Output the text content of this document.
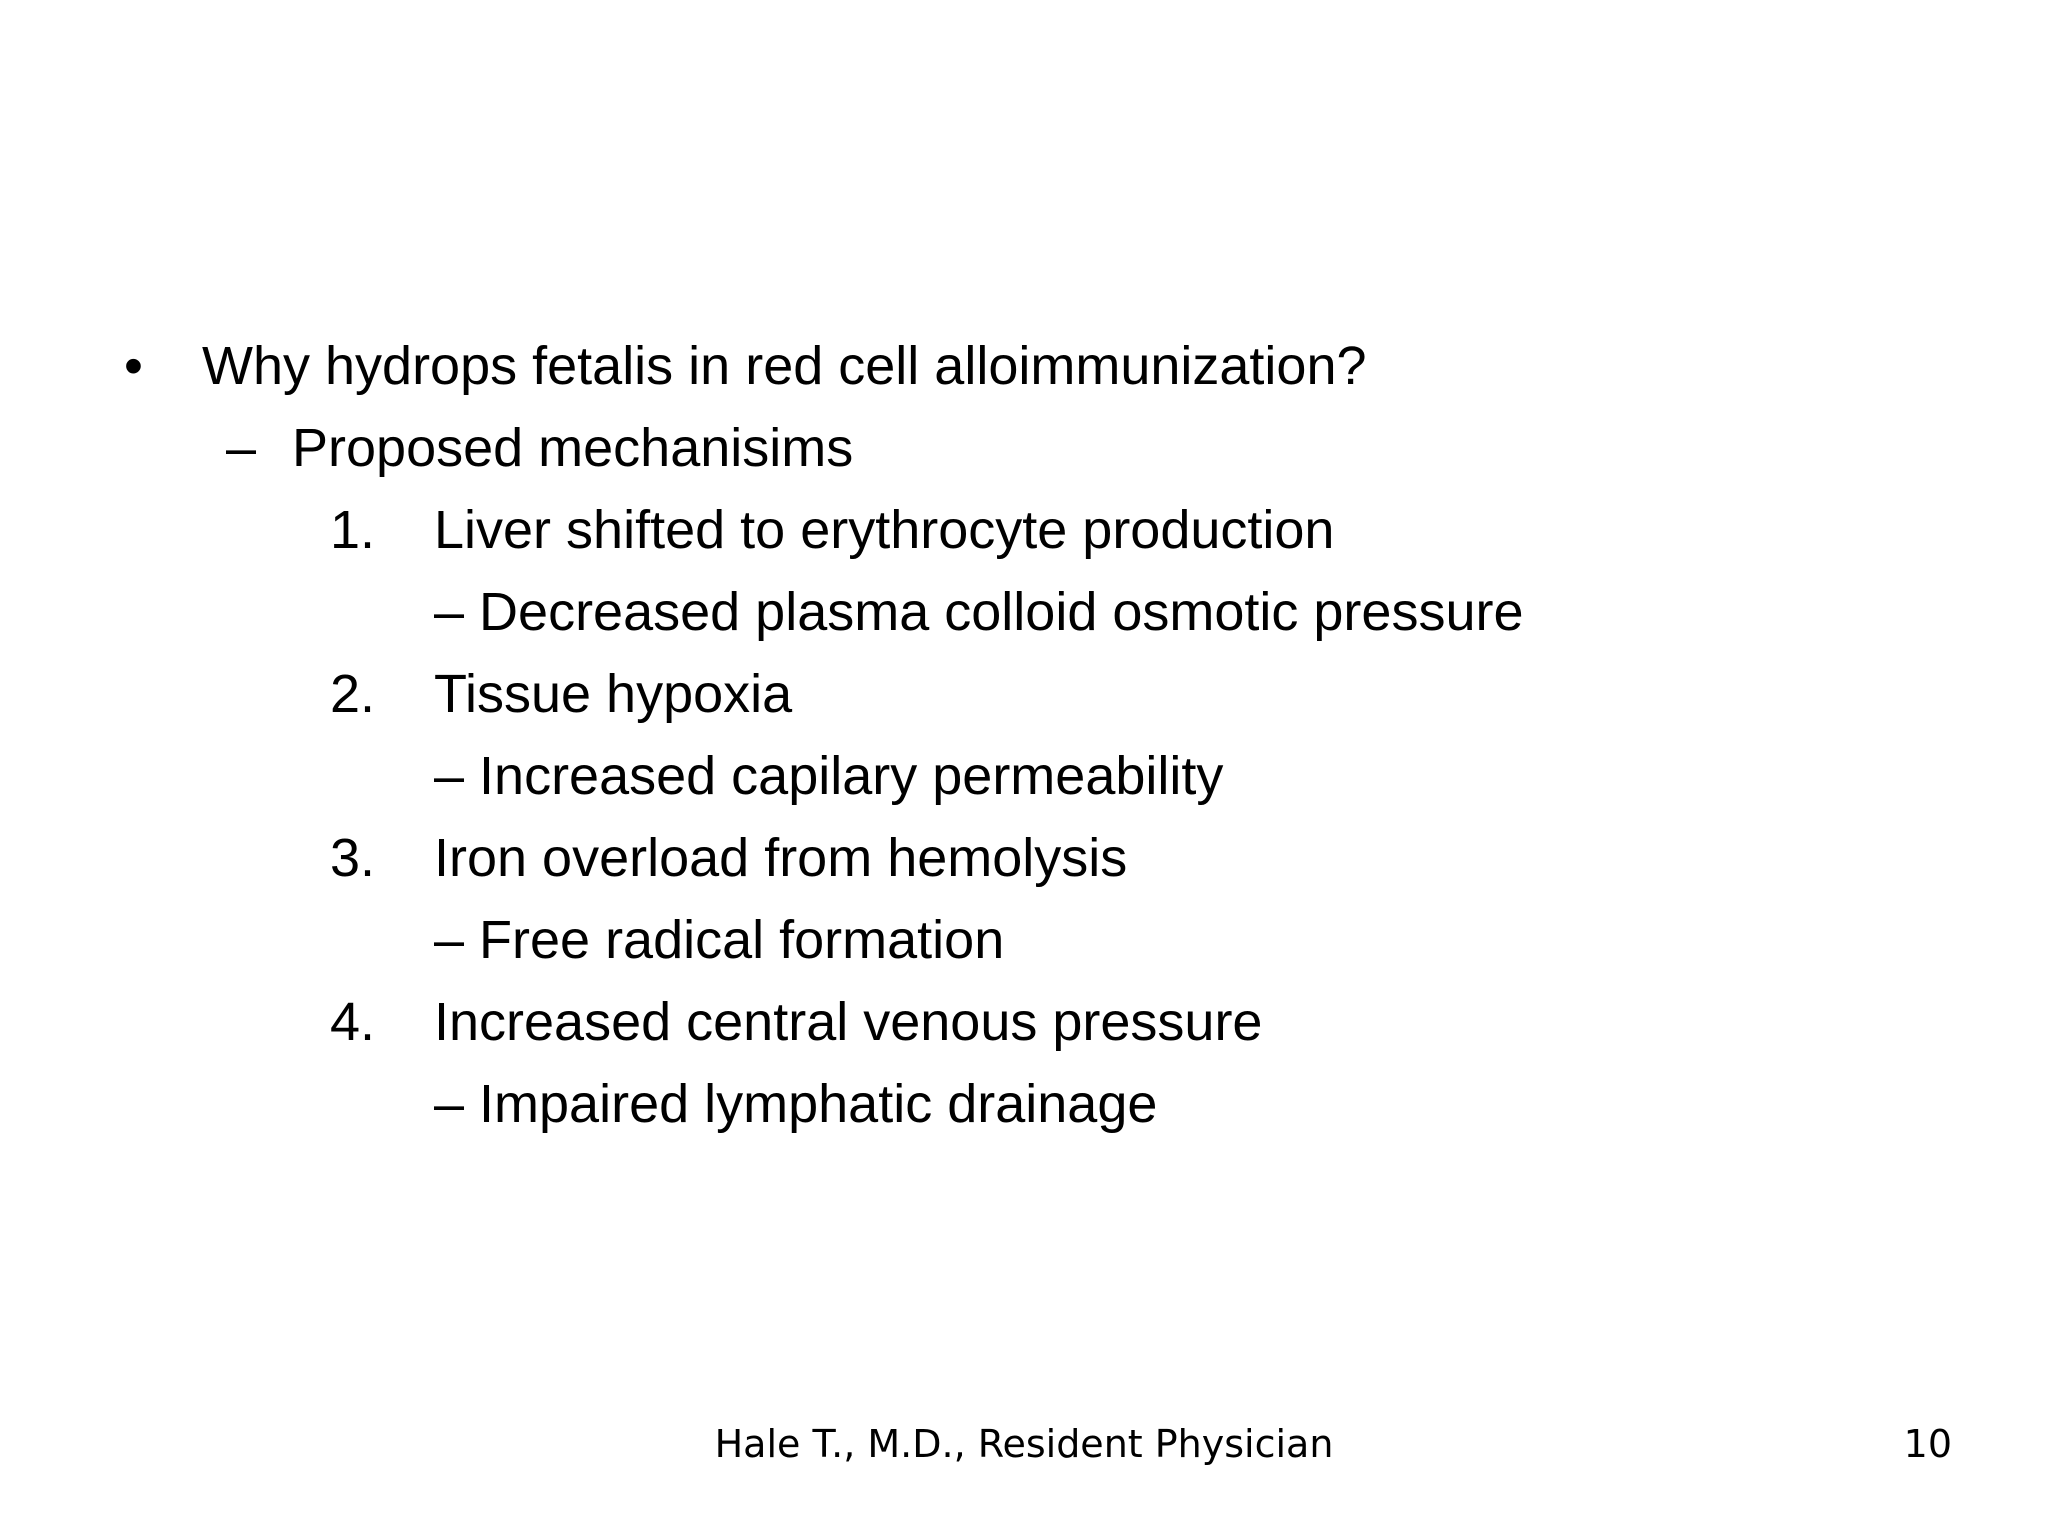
• Why hydrops fetalis in red cell alloimmunization?
– Proposed mechanisims
1. Liver shifted to erythrocyte production
– Decreased plasma colloid osmotic pressure
2. Tissue hypoxia
– Increased capilary permeability
3. Iron overload from hemolysis
– Free radical formation
4. Increased central venous pressure
– Impaired lymphatic drainage
Hale T., M.D., Resident Physician	10
